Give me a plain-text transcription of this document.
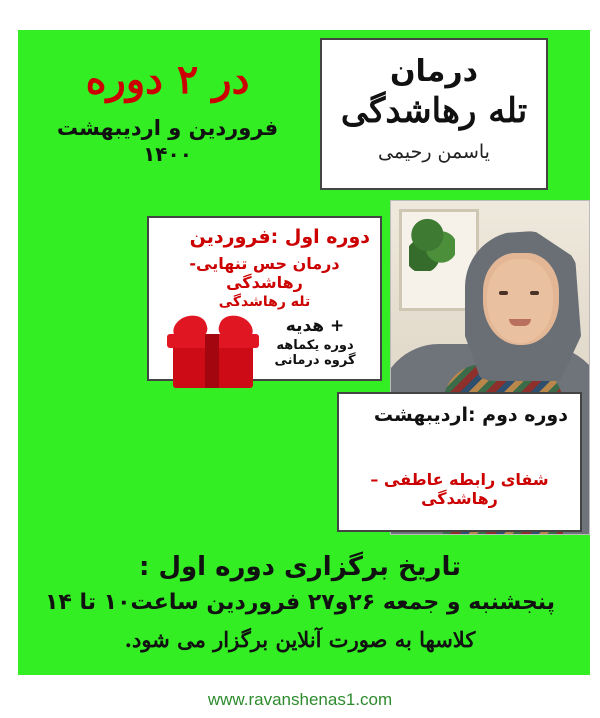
در ۲ دوره
فروردین و اردیبهشت
۱۴۰۰
درمان
تله رهاشدگی
یاسمن رحیمی
دوره اول :فروردین
درمان حس تنهایی- رهاشدگی
تله رهاشدگی
+ هدیه
دوره یکماهه
گروه درمانی
دوره دوم :اردیبهشت
شفای رابطه عاطفی – رهاشدگی
تاریخ برگزاری دوره اول :
پنجشنبه و جمعه ۲۶و۲۷ فروردین ساعت۱۰ تا ۱۴
کلاسها به صورت آنلاین برگزار می شود.
www.ravanshenas1.com
